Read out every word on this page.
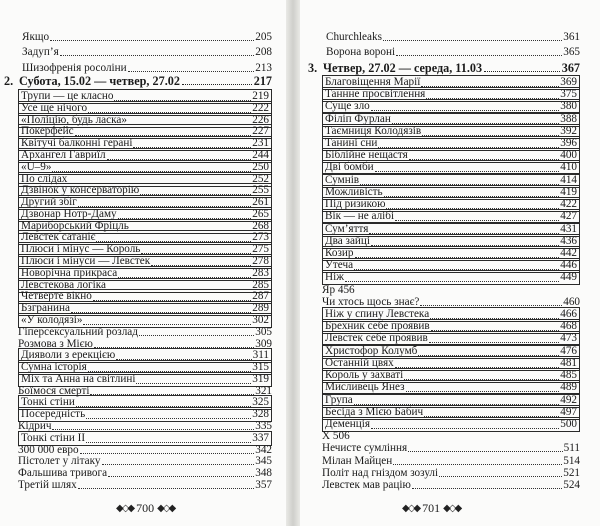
Якщо	205
Задуп’я	208
Шизофренія росоліни	213
2. Субота, 15.02 — четвер, 27.02	217
Трупи — це класно	219
Усе ще нічого	222
«Поліцію, будь ласка»	226
Покерфейс	227
Квітучі балконні герані	231
Архангел Гавриїл	244
«U–9»	250
По слідах	252
Дзвінок у консерваторію	255
Другий збіг	261
Дзвонар Нотр-Даму	265
Мариборський Фріцль	268
Левстек сатаніє	273
Плюси і мінус — Король	275
Плюси і мінуси — Левстек	278
Новорічна прикраса	283
Левстекова логіка	285
Четверте вікно	287
Бзгранина	289
«У колодязі»	302
Гіперсексуальний розлад	305
Розмова з Мією	309
Дияволи з ерекцією	311
Сумна історія	315
Міх та Анна на світлині	319
Боїмося смерті	321
Тонкі стіни	325
Посередність	328
Кідрич	335
Тонкі стіни II	337
300 000 евро	342
Пістолет у літаку	345
Фальшива тривога	348
Третій шлях	357
◆◇◆ 700 ◆◇◆
Churchleaks	361
Ворона вороні	365
3. Четвер, 27.02 — середа, 11.03	367
Благовіщення Марії	369
Таннне просвітлення	375
Суще зло	380
Філіп Фурлан	388
Таємниця Колодязів	392
Танині сни	396
Біблійне нещастя	400
Дві бомби	410
Сумнів	414
Можливість	419
Під ризикою	422
Вік — не алібі	427
Сум’яття	431
Два зайці	436
Козир	442
Утеча	446
Ніж	449
Яр 456
Чи хтось щось знає?	460
Ніж у спину Левстека	466
Брехник себе проявив	468
Левстек себе проявив	473
Христофор Колумб	476
Останній цвях	481
Король у захваті	485
Мисливець Янез	489
Група	492
Бесіда з Мією Бабич	497
Деменція	500
Х 506
Нечисте сумління	511
Мілан Майцен	514
Політ над гніздом зозулі	521
Левстек мав рацію	524
◆◇◆ 701 ◆◇◆
